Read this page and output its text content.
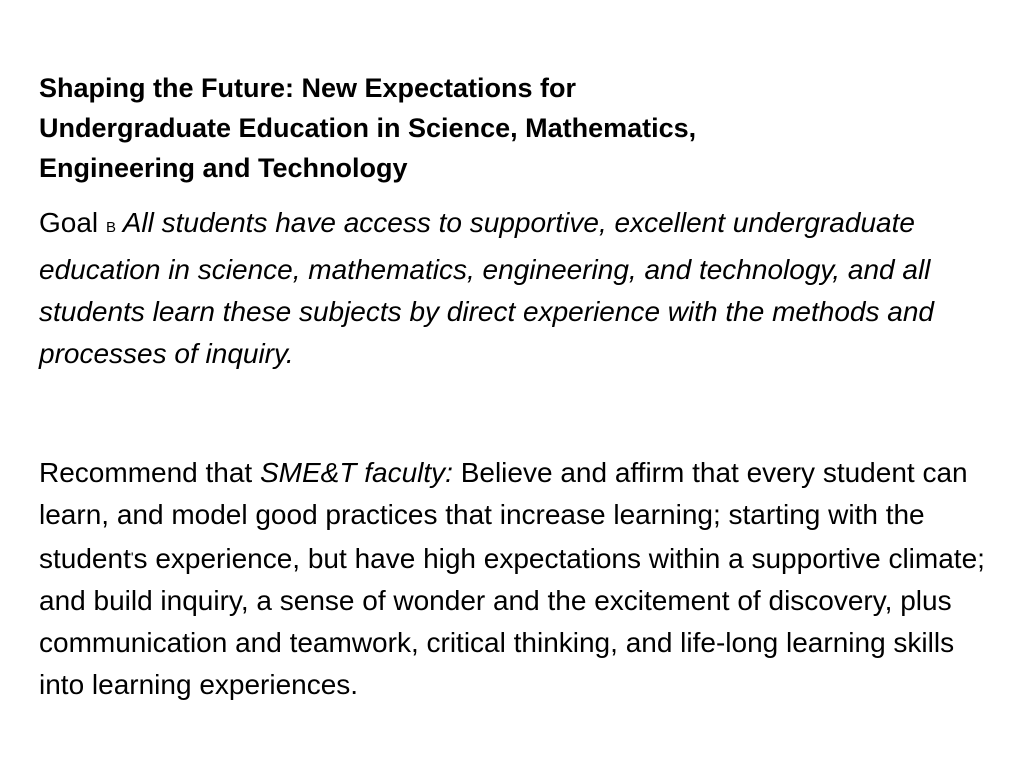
Shaping the Future: New Expectations for
Undergraduate Education in Science, Mathematics,
Engineering and Technology

Goal B All students have access to supportive, excellent undergraduate education in science, mathematics, engineering, and technology, and all students learn these subjects by direct experience with the methods and processes of inquiry.

Recommend that SME&T faculty: Believe and affirm that every student can learn, and model good practices that increase learning; starting with the student's experience, but have high expectations within a supportive climate; and build inquiry, a sense of wonder and the excitement of discovery, plus communication and teamwork, critical thinking, and life-long learning skills into learning experiences.
